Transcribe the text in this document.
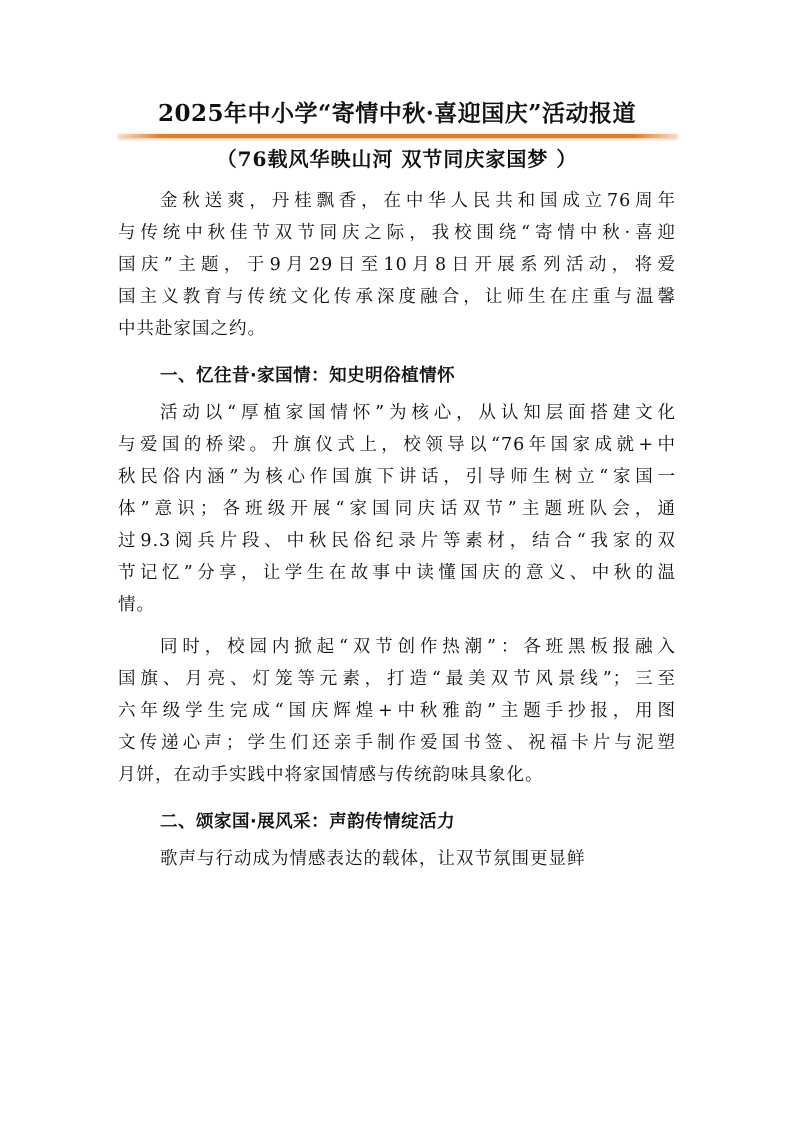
2025年中小学“寄情中秋·喜迎国庆”活动报道
（76载风华映山河 双节同庆家国梦 ）
金秋送爽，丹桂飘香，在中华人民共和国成立76周年
与传统中秋佳节双节同庆之际，我校围绕“寄情中秋·喜迎
国庆”主题，于9月29日至10月8日开展系列活动，将爱
国主义教育与传统文化传承深度融合，让师生在庄重与温馨
中共赴家国之约。
一、忆往昔·家国情：知史明俗植情怀
活动以“厚植家国情怀”为核心，从认知层面搭建文化
与爱国的桥梁。升旗仪式上，校领导以“76年国家成就+中
秋民俗内涵”为核心作国旗下讲话，引导师生树立“家国一
体”意识；各班级开展“家国同庆话双节”主题班队会，通
过9.3阅兵片段、中秋民俗纪录片等素材，结合“我家的双
节记忆”分享，让学生在故事中读懂国庆的意义、中秋的温
情。
同时，校园内掀起“双节创作热潮”：各班黑板报融入
国旗、月亮、灯笼等元素，打造“最美双节风景线”；三至
六年级学生完成“国庆辉煌+中秋雅韵”主题手抄报，用图
文传递心声；学生们还亲手制作爱国书签、祝福卡片与泥塑
月饼，在动手实践中将家国情感与传统韵味具象化。
二、颂家国·展风采：声韵传情绽活力
歌声与行动成为情感表达的载体，让双节氛围更显鲜
